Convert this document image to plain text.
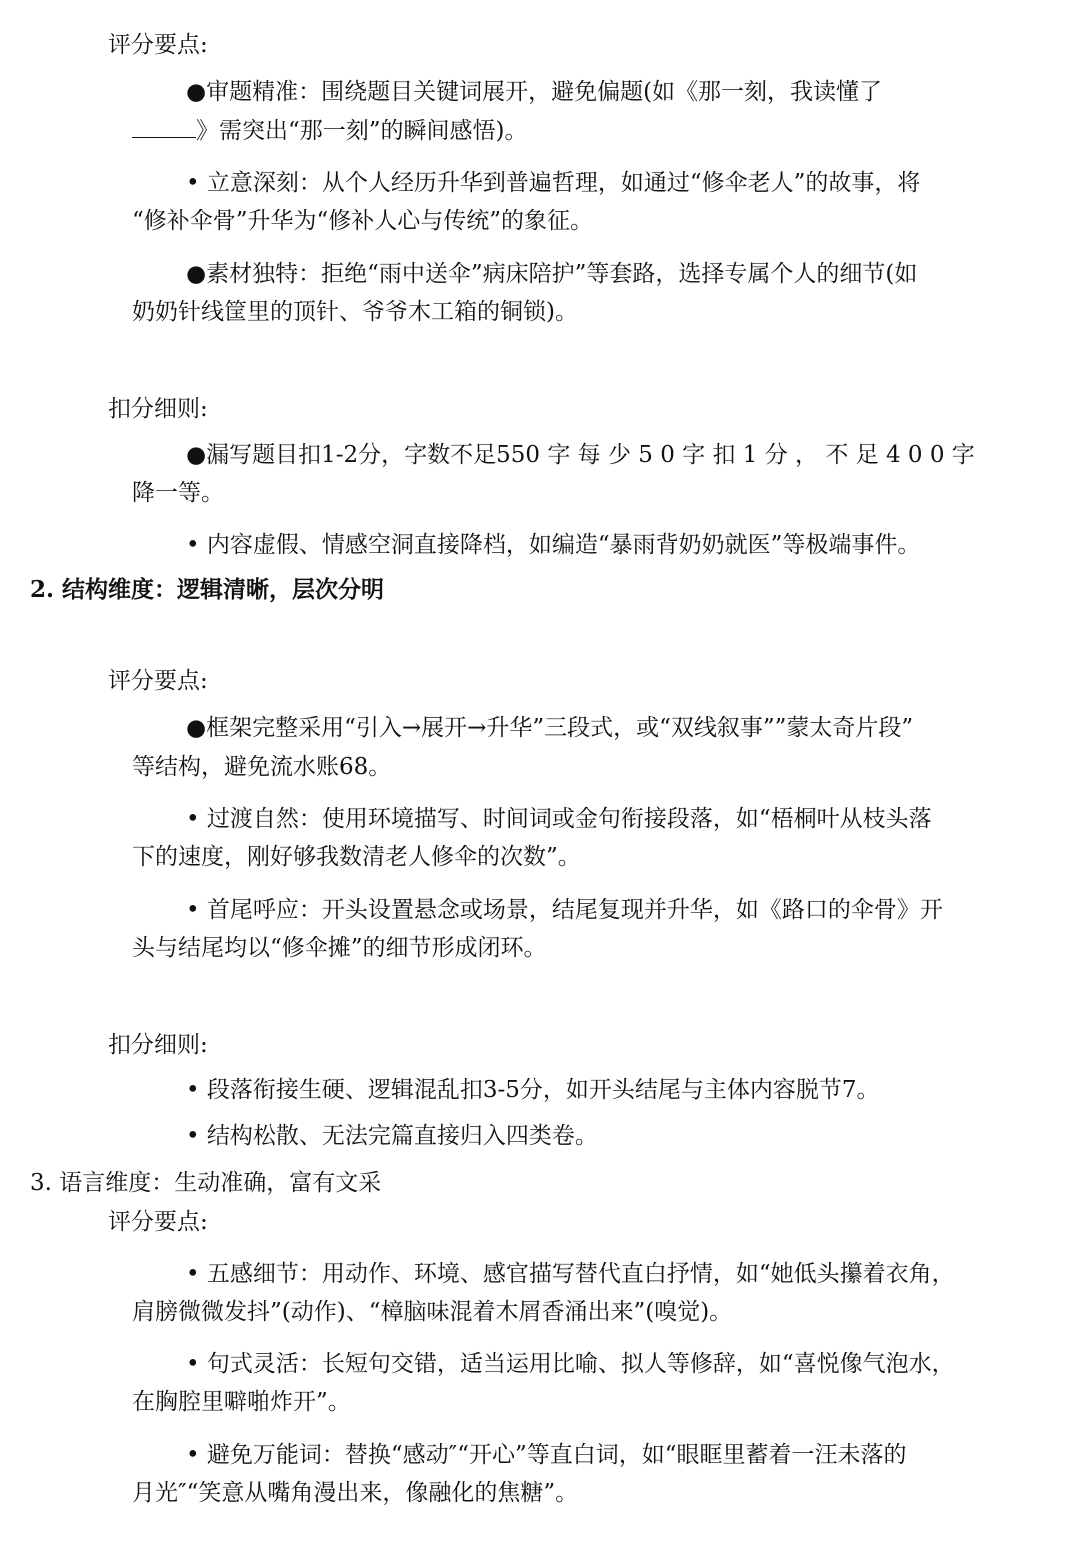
评分要点:
●审题精准：围绕题目关键词展开，避免偏题(如《那一刻，我读懂了
》需突出“那一刻”的瞬间感悟)。
• 立意深刻：从个人经历升华到普遍哲理，如通过“修伞老人”的故事，将
“修补伞骨”升华为“修补人心与传统”的象征。
●素材独特：拒绝“雨中送伞”病床陪护”等套路，选择专属个人的细节(如
奶奶针线筐里的顶针、爷爷木工箱的铜锁)。
扣分细则:
●漏写题目扣1-2分，字数不足550 字 每 少 5 0 字 扣 1 分 ， 不 足 4 0 0 字
降一等。
• 内容虚假、情感空洞直接降档，如编造“暴雨背奶奶就医”等极端事件。
2. 结构维度：逻辑清晰，层次分明
评分要点:
●框架完整采用“引入→展开→升华”三段式，或“双线叙事””蒙太奇片段”
等结构，避免流水账68。
• 过渡自然：使用环境描写、时间词或金句衔接段落，如“梧桐叶从枝头落
下的速度，刚好够我数清老人修伞的次数”。
• 首尾呼应：开头设置悬念或场景，结尾复现并升华，如《路口的伞骨》开
头与结尾均以“修伞摊”的细节形成闭环。
扣分细则:
• 段落衔接生硬、逻辑混乱扣3-5分，如开头结尾与主体内容脱节7。
• 结构松散、无法完篇直接归入四类卷。
3. 语言维度：生动准确，富有文采
评分要点:
• 五感细节：用动作、环境、感官描写替代直白抒情，如“她低头攥着衣角，
肩膀微微发抖”(动作)、“樟脑味混着木屑香涌出来”(嗅觉)。
• 句式灵活：长短句交错，适当运用比喻、拟人等修辞，如“喜悦像气泡水，
在胸腔里噼啪炸开”。
• 避免万能词：替换“感动″“开心”等直白词，如“眼眶里蓄着一汪未落的
月光″“笑意从嘴角漫出来，像融化的焦糖”。
